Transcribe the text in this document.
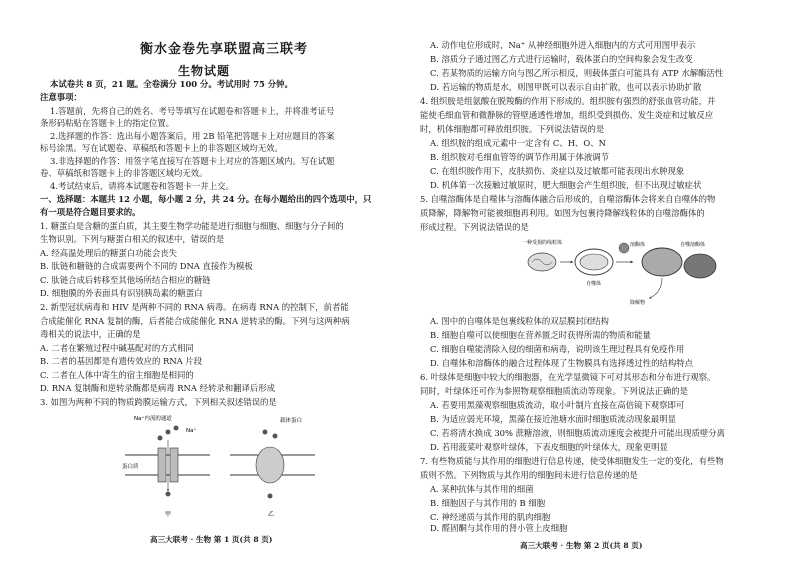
衡水金卷先享联盟高三联考
生物试题
本试卷共 8 页，21 题。全卷满分 100 分。考试用时 75 分钟。
注意事项：
1.答题前，先将自己的姓名、考号等填写在试题卷和答题卡上，并将准考证号
条形码粘贴在答题卡上的指定位置。
2.选择题的作答：选出每小题答案后，用 2B 铅笔把答题卡上对应题目的答案
标号涂黑。写在试题卷、草稿纸和答题卡上的非答题区域均无效。
3.非选择题的作答：用签字笔直接写在答题卡上对应的答题区域内。写在试题
卷、草稿纸和答题卡上的非答题区域均无效。
4.考试结束后，请将本试题卷和答题卡一并上交。
一、选择题：本题共 12 小题，每小题 2 分，共 24 分。在每小题给出的四个选项中，只
有一项是符合题目要求的。
1. 糖蛋白是含糖的蛋白质，其主要生物学功能是进行细胞与细胞、细胞与分子间的
生物识别。下列与糖蛋白相关的叙述中，错误的是
A. 经高温处理后的糖蛋白功能会丧失
B. 肽链和糖链的合成需要两个不同的 DNA 直接作为模板
C. 肽链合成后转移至其他场所结合相应的糖链
D. 细胞膜的外表面具有识别胰岛素的糖蛋白
2. 新型冠状病毒和 HIV 是两种不同的 RNA 病毒。在病毒 RNA 的控制下，前者能
合成能催化 RNA 复制的酶，后者能合成能催化 RNA 逆转录的酶。下列与这两种病
毒相关的说法中，正确的是
A. 二者在繁殖过程中碱基配对的方式相同
B. 二者的基因都是有遗传效应的 RNA 片段
C. 二者在人体中寄生的宿主细胞是相同的
D. RNA 复制酶和逆转录酶都是病毒 RNA 经转录和翻译后形成
3. 如图为两种不同的物质跨膜运输方式，下列相关叙述错误的是
Na⁺内流的通道
蛋白质
Na⁺
甲
载体蛋白
乙
高三大联考 · 生物 第 1 页(共 8 页)
A. 动作电位形成时，Na⁺ 从神经细胞外进入细胞内的方式可用图甲表示
B. 溶质分子通过图乙方式进行运输时，载体蛋白的空间构象会发生改变
C. 若某物质的运输方向与图乙所示相反，则载体蛋白可能具有 ATP 水解酶活性
D. 若运输的物质是水，则图甲既可以表示自由扩散，也可以表示协助扩散
4. 组织胺是组氨酸在脱羧酶的作用下形成的。组织胺有强烈的舒张血管功能，并
能使毛细血管和微静脉的管壁通透性增加，组织受到损伤、发生炎症和过敏反应
时，机体细胞都可释放组织胺。下列说法错误的是
A. 组织胺的组成元素中一定含有 C、H、O、N
B. 组织胺对毛细血管等的调节作用属于体液调节
C. 在组织胺作用下，皮肤损伤、炎症以及过敏都可能表现出水肿现象
D. 机体第一次接触过敏原时，肥大细胞会产生组织胺，但不出现过敏症状
5. 自噬溶酶体是自噬体与溶酶体融合后形成的，自噬溶酶体会将来自自噬体的物
质降解，降解物可能被细胞再利用。如图为包裹待降解线粒体的自噬溶酶体的
形成过程。下列说法错误的是
一种受损的线粒体
自噬体
溶酶体	自噬溶酶体
降解物
A. 图中的自噬体是包裹线粒体的双层膜封闭结构
B. 细胞自噬可以使细胞在营养匮乏时获得所需的物质和能量
C. 细胞自噬能清除入侵的细菌和病毒，说明该生理过程具有免疫作用
D. 自噬体和溶酶体的融合过程体现了生物膜具有选择透过性的结构特点
6. 叶绿体是细胞中较大的细胞器，在光学显微镜下可对其形态和分布进行观察。
同时，叶绿体还可作为参照物观察细胞质流动等现象。下列说法正确的是
A. 若要用黑藻观察细胞质流动，取小叶制片直接在高倍镜下观察即可
B. 为适应弱光环境，黑藻在接近池塘水面时细胞质流动现象最明显
C. 若将清水换成 30% 蔗糖溶液，则细胞质流动速度会被提升可能出现质壁分离
D. 若用菠菜叶观察叶绿体，下表皮细胞的叶绿体大，现象更明显
7. 有些物质能与其作用的细胞进行信息传递，使受体细胞发生一定的变化，有些物
质则不然。下列物质与其作用的细胞间未进行信息传递的是
A. 某种抗体与其作用的细菌
B. 细胞因子与其作用的 B 细胞
C. 神经递质与其作用的肌肉细胞
D. 醛固酮与其作用的肾小管上皮细胞
高三大联考 · 生物 第 2 页(共 8 页)
